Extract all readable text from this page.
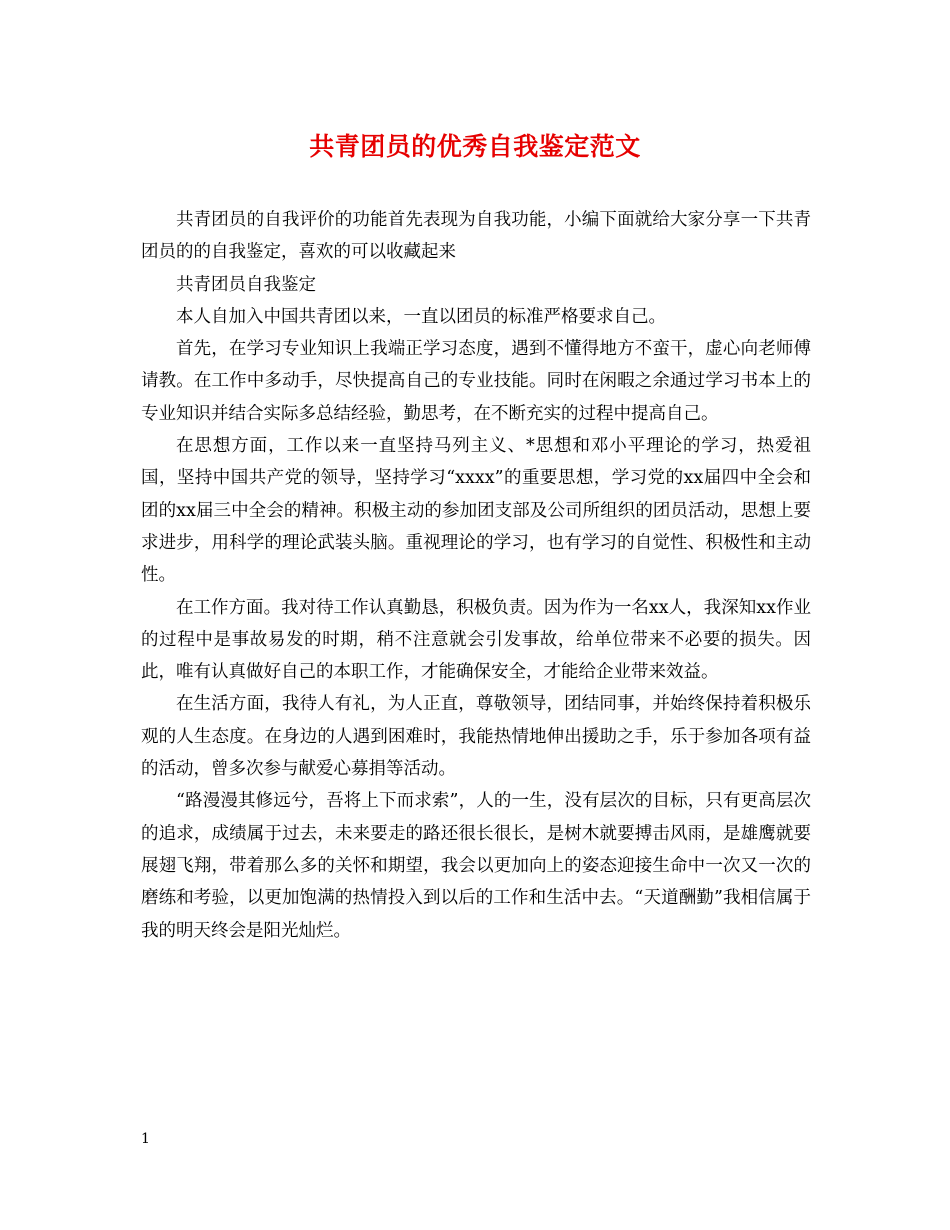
共青团员的优秀自我鉴定范文

共青团员的自我评价的功能首先表现为自我功能，小编下面就给大家分享一下共青团员的的自我鉴定，喜欢的可以收藏起来

共青团员自我鉴定

本人自加入中国共青团以来，一直以团员的标准严格要求自己。

首先，在学习专业知识上我端正学习态度，遇到不懂得地方不蛮干，虚心向老师傅请教。在工作中多动手，尽快提高自己的专业技能。同时在闲暇之余通过学习书本上的专业知识并结合实际多总结经验，勤思考，在不断充实的过程中提高自己。

在思想方面，工作以来一直坚持马列主义、*思想和邓小平理论的学习，热爱祖国，坚持中国共产党的领导，坚持学习“xxxx”的重要思想，学习党的xx届四中全会和团的xx届三中全会的精神。积极主动的参加团支部及公司所组织的团员活动，思想上要求进步，用科学的理论武装头脑。重视理论的学习，也有学习的自觉性、积极性和主动性。

在工作方面。我对待工作认真勤恳，积极负责。因为作为一名xx人，我深知xx作业的过程中是事故易发的时期，稍不注意就会引发事故，给单位带来不必要的损失。因此，唯有认真做好自己的本职工作，才能确保安全，才能给企业带来效益。

在生活方面，我待人有礼，为人正直，尊敬领导，团结同事，并始终保持着积极乐观的人生态度。在身边的人遇到困难时，我能热情地伸出援助之手，乐于参加各项有益的活动，曾多次参与献爱心募捐等活动。

“路漫漫其修远兮，吾将上下而求索”，人的一生，没有层次的目标，只有更高层次的追求，成绩属于过去，未来要走的路还很长很长，是树木就要搏击风雨，是雄鹰就要展翅飞翔，带着那么多的关怀和期望，我会以更加向上的姿态迎接生命中一次又一次的磨练和考验，以更加饱满的热情投入到以后的工作和生活中去。“天道酬勤”我相信属于我的明天终会是阳光灿烂。

1
